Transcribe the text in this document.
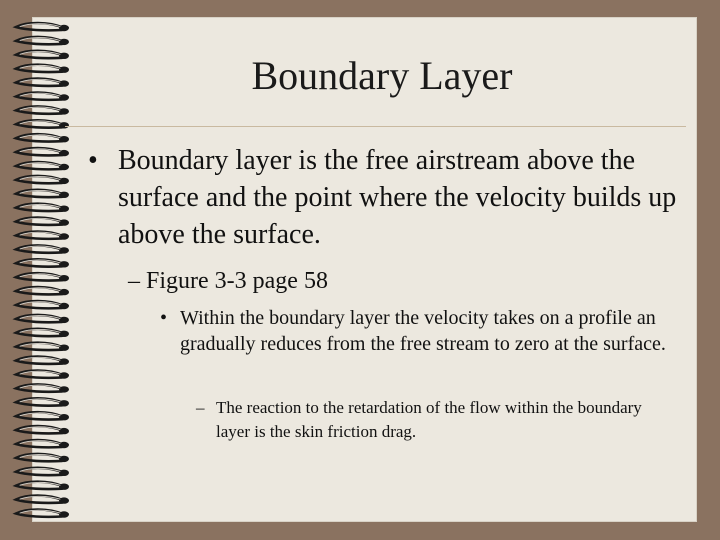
Boundary Layer
• Boundary layer is the free airstream above the surface and the point where the velocity builds up above the surface.
– Figure 3-3 page 58
• Within the boundary layer the velocity takes on a profile an gradually reduces from the free stream to zero at the surface.
– The reaction to the retardation of the flow within the boundary layer is the skin friction drag.
